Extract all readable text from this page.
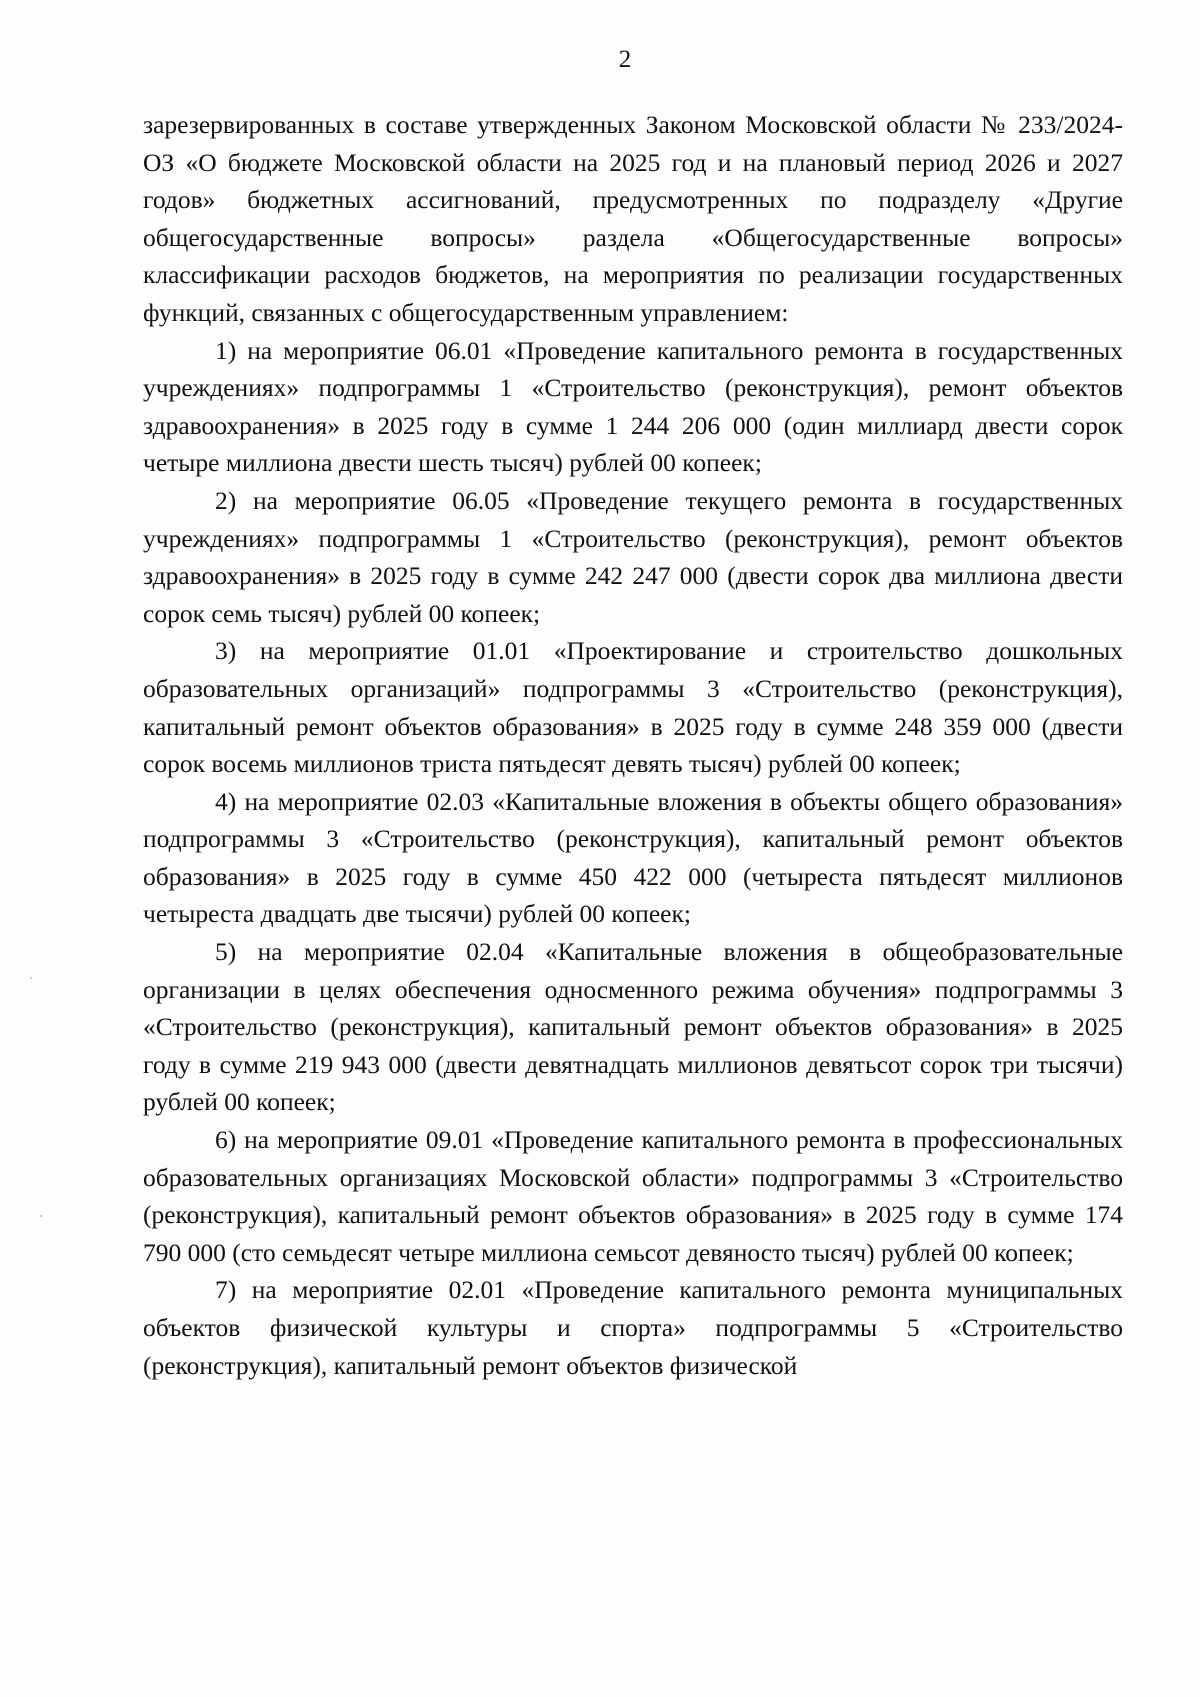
2

зарезервированных в составе утвержденных Законом Московской области № 233/2024-ОЗ «О бюджете Московской области на 2025 год и на плановый период 2026 и 2027 годов» бюджетных ассигнований, предусмотренных по подразделу «Другие общегосударственные вопросы» раздела «Общегосударственные вопросы» классификации расходов бюджетов, на мероприятия по реализации государственных функций, связанных с общегосударственным управлением:

1) на мероприятие 06.01 «Проведение капитального ремонта в государственных учреждениях» подпрограммы 1 «Строительство (реконструкция), ремонт объектов здравоохранения» в 2025 году в сумме 1 244 206 000 (один миллиард двести сорок четыре миллиона двести шесть тысяч) рублей 00 копеек;

2) на мероприятие 06.05 «Проведение текущего ремонта в государственных учреждениях» подпрограммы 1 «Строительство (реконструкция), ремонт объектов здравоохранения» в 2025 году в сумме 242 247 000 (двести сорок два миллиона двести сорок семь тысяч) рублей 00 копеек;

3) на мероприятие 01.01 «Проектирование и строительство дошкольных образовательных организаций» подпрограммы 3 «Строительство (реконструкция), капитальный ремонт объектов образования» в 2025 году в сумме 248 359 000 (двести сорок восемь миллионов триста пятьдесят девять тысяч) рублей 00 копеек;

4) на мероприятие 02.03 «Капитальные вложения в объекты общего образования» подпрограммы 3 «Строительство (реконструкция), капитальный ремонт объектов образования» в 2025 году в сумме 450 422 000 (четыреста пятьдесят миллионов четыреста двадцать две тысячи) рублей 00 копеек;

5) на мероприятие 02.04 «Капитальные вложения в общеобразовательные организации в целях обеспечения односменного режима обучения» подпрограммы 3 «Строительство (реконструкция), капитальный ремонт объектов образования» в 2025 году в сумме 219 943 000 (двести девятнадцать миллионов девятьсот сорок три тысячи) рублей 00 копеек;

6) на мероприятие 09.01 «Проведение капитального ремонта в профессиональных образовательных организациях Московской области» подпрограммы 3 «Строительство (реконструкция), капитальный ремонт объектов образования» в 2025 году в сумме 174 790 000 (сто семьдесят четыре миллиона семьсот девяносто тысяч) рублей 00 копеек;

7) на мероприятие 02.01 «Проведение капитального ремонта муниципальных объектов физической культуры и спорта» подпрограммы 5 «Строительство (реконструкция), капитальный ремонт объектов физической
